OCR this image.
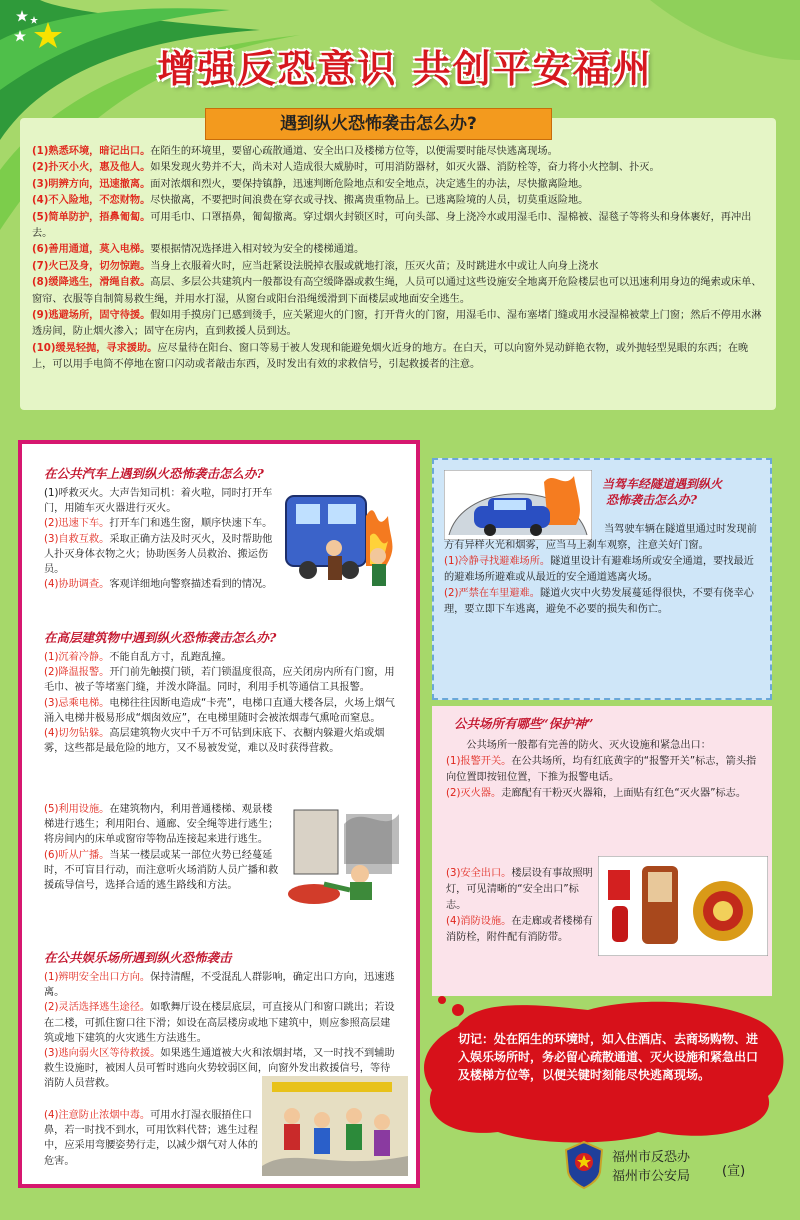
增强反恐意识 共创平安福州

(1)熟悉环境，暗记出口。在陌生的环境里，要留心疏散通道、安全出口及楼梯方位等，以便需要时能尽快逃离现场。

(2)扑灭小火，惠及他人。如果发现火势并不大，尚未对人造成很大威胁时，可用消防器材，如灭火器、消防栓等，奋力将小火控制、扑灭。

(3)明辨方向，迅速撤离。面对浓烟和烈火，要保持镇静，迅速判断危险地点和安全地点，决定逃生的办法，尽快撤离险地。

(4)不入险地，不恋财物。尽快撤离，不要把时间浪费在穿衣或寻找、搬离贵重物品上。已逃离险境的人员，切莫重返险地。

(5)简单防护，捂鼻匍匐。可用毛巾、口罩捂鼻，匍匐撤离。穿过烟火封锁区时，可向头部、身上浇冷水或用湿毛巾、湿棉被、湿毯子等将头和身体裹好，再冲出去。

(6)善用通道，莫入电梯。要根据情况选择进入相对较为安全的楼梯通道。

(7)火已及身，切勿惊跑。当身上衣服着火时，应当赶紧设法脱掉衣服或就地打滚，压灭火苗；及时跳进水中或让人向身上浇水

(8)缓降逃生，滑绳自救。高层、多层公共建筑内一般都设有高空缓降器或救生绳，人员可以通过这些设施安全地离开危险楼层也可以迅速利用身边的绳索或床单、窗帘、衣服等自制简易救生绳，并用水打湿，从窗台或阳台沿绳缓滑到下面楼层或地面安全逃生。

(9)逃避场所，固守待援。假如用手摸房门已感到烫手，应关紧迎火的门窗，打开背火的门窗，用湿毛巾、湿布塞堵门缝或用水浸湿棉被蒙上门窗；然后不停用水淋透房间，防止烟火渗入；固守在房内，直到救援人员到达。

(10)缓晃轻抛，寻求援助。应尽量待在阳台、窗口等易于被人发现和能避免烟火近身的地方。在白天，可以向窗外晃动鲜艳衣物，或外抛轻型晃眼的东西；在晚上，可以用手电筒不停地在窗口闪动或者敲击东西，及时发出有效的求救信号，引起救援者的注意。

遇到纵火恐怖袭击怎么办?
在公共汽车上遇到纵火恐怖袭击怎么办?

(1)呼救灭火。大声告知司机：着火啦，同时打开车门，用随车灭火器进行灭火。

(2)迅速下车。打开车门和逃生窗，顺序快速下车。

(3)自救互救。采取正确方法及时灭火，及时帮助他人扑灭身体衣物之火；协助医务人员救治、搬运伤员。

(4)协助调查。客观详细地向警察描述看到的情况。

在高层建筑物中遇到纵火恐怖袭击怎么办?

(1)沉着冷静。不能自乱方寸，乱跑乱撞。

(2)降温报警。开门前先触摸门锁，若门锁温度很高，应关闭房内所有门窗，用毛巾、被子等堵塞门缝，并泼水降温。同时，利用手机等通信工具报警。

(3)忌乘电梯。电梯往往因断电造成“卡壳”，电梯口直通大楼各层，火场上烟气涌入电梯井极易形成“烟囱效应”，在电梯里随时会被浓烟毒气熏呛而窒息。

(4)切勿钻躲。高层建筑物火灾中千万不可钻到床底下、衣橱内躲避火焰或烟雾，这些都是最危险的地方，又不易被发觉，难以及时获得营救。

(5)利用设施。在建筑物内，利用普通楼梯、观景楼梯进行逃生；利用阳台、通廊、安全绳等进行逃生；将房间内的床单或窗帘等物品连接起来进行逃生。

(6)听从广播。当某一楼层或某一部位火势已经蔓延时，不可盲目行动，而注意听火场消防人员广播和救援疏导信号，选择合适的逃生路线和方法。

在公共娱乐场所遇到纵火恐怖袭击

(1)辨明安全出口方向。保持清醒，不受混乱人群影响，确定出口方向，迅速逃离。

(2)灵活选择逃生途径。如歌舞厅设在楼层底层，可直接从门和窗口跳出；若设在二楼，可抓住窗口往下滑；如设在高层楼房或地下建筑中，则应参照高层建筑或地下建筑的火灾逃生方法逃生。

(3)逃向弱火区等待救援。如果逃生通道被大火和浓烟封堵，又一时找不到辅助救生设施时，被困人员可暂时逃向火势较弱区间，向窗外发出救援信号，等待消防人员营救。

(4)注意防止浓烟中毒。可用水打湿衣服捂住口鼻，若一时找不到水，可用饮料代替；逃生过程中，应采用弯腰姿势行走，以减少烟气对人体的危害。

当驾车经隧道遇到纵火
恐怖袭击怎么办?

当驾驶车辆在隧道里通过时发现前方有异样火光和烟雾，应当马上刹车观察，注意关好门窗。

(1)冷静寻找避难场所。隧道里设计有避难场所或安全通道，要找最近的避难场所避难或从最近的安全通道逃离火场。

(2)严禁在车里避难。隧道火灾中火势发展蔓延得很快，不要有侥幸心理，要立即下车逃离，避免不必要的损失和伤亡。

公共场所有哪些“保护神”

公共场所一般都有完善的防火、灭火设施和紧急出口：

(1)报警开关。在公共场所，均有红底黄字的“报警开关”标志，箭头指向位置即按钮位置，下推为报警电话。

(2)灭火器。走廊配有干粉灭火器箱，上面贴有红色“灭火器”标志。

(3)安全出口。楼层设有事故照明灯，可见清晰的“安全出口”标志。

(4)消防设施。在走廊或者楼梯有消防栓，附件配有消防带。

切记：处在陌生的环境时，如入住酒店、去商场购物、进入娱乐场所时，务必留心疏散通道、灭火设施和紧急出口及楼梯方位等，以便关键时刻能尽快逃离现场。
福州市反恐办
福州市公安局 (宣)
